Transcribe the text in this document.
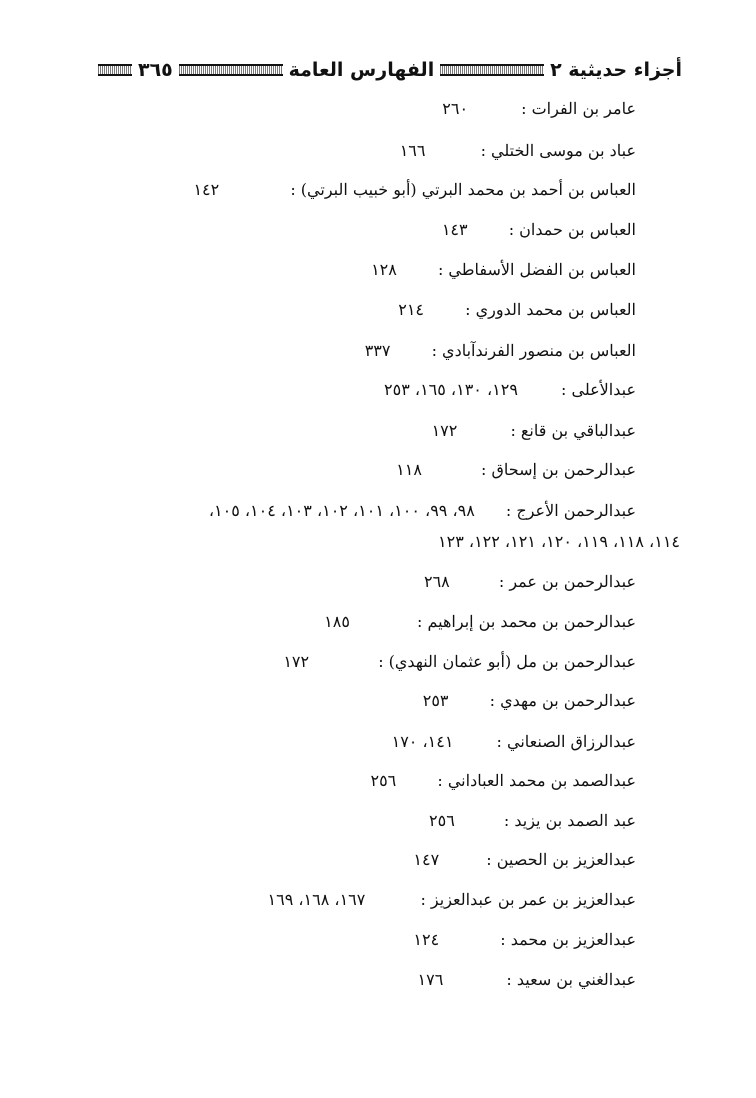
أجزاء حديثية ٢
الفهارس العامة
٣٦٥
عامر بن الفرات : ٢٦٠
عباد بن موسى الختلي : ١٦٦
العباس بن أحمد بن محمد البرتي (أبو خبيب البرتي) : ١٤٢
العباس بن حمدان : ١٤٣
العباس بن الفضل الأسفاطي : ١٢٨
العباس بن محمد الدوري : ٢١٤
العباس بن منصور الفرندآبادي : ٣٣٧
عبدالأعلى : ١٢٩، ١٣٠، ١٦٥، ٢٥٣
عبدالباقي بن قانع : ١٧٢
عبدالرحمن بن إسحاق : ١١٨
عبدالرحمن الأعرج : ٩٨، ٩٩، ١٠٠، ١٠١، ١٠٢، ١٠٣، ١٠٤، ١٠٥،
١١٤، ١١٨، ١١٩، ١٢٠، ١٢١، ١٢٢، ١٢٣
عبدالرحمن بن عمر : ٢٦٨
عبدالرحمن بن محمد بن إبراهيم : ١٨٥
عبدالرحمن بن مل (أبو عثمان النهدي) : ١٧٢
عبدالرحمن بن مهدي : ٢٥٣
عبدالرزاق الصنعاني : ١٤١، ١٧٠
عبدالصمد بن محمد العباداني : ٢٥٦
عبد الصمد بن يزيد : ٢٥٦
عبدالعزيز بن الحصين : ١٤٧
عبدالعزيز بن عمر بن عبدالعزيز : ١٦٧، ١٦٨، ١٦٩
عبدالعزيز بن محمد : ١٢٤
عبدالغني بن سعيد : ١٧٦
